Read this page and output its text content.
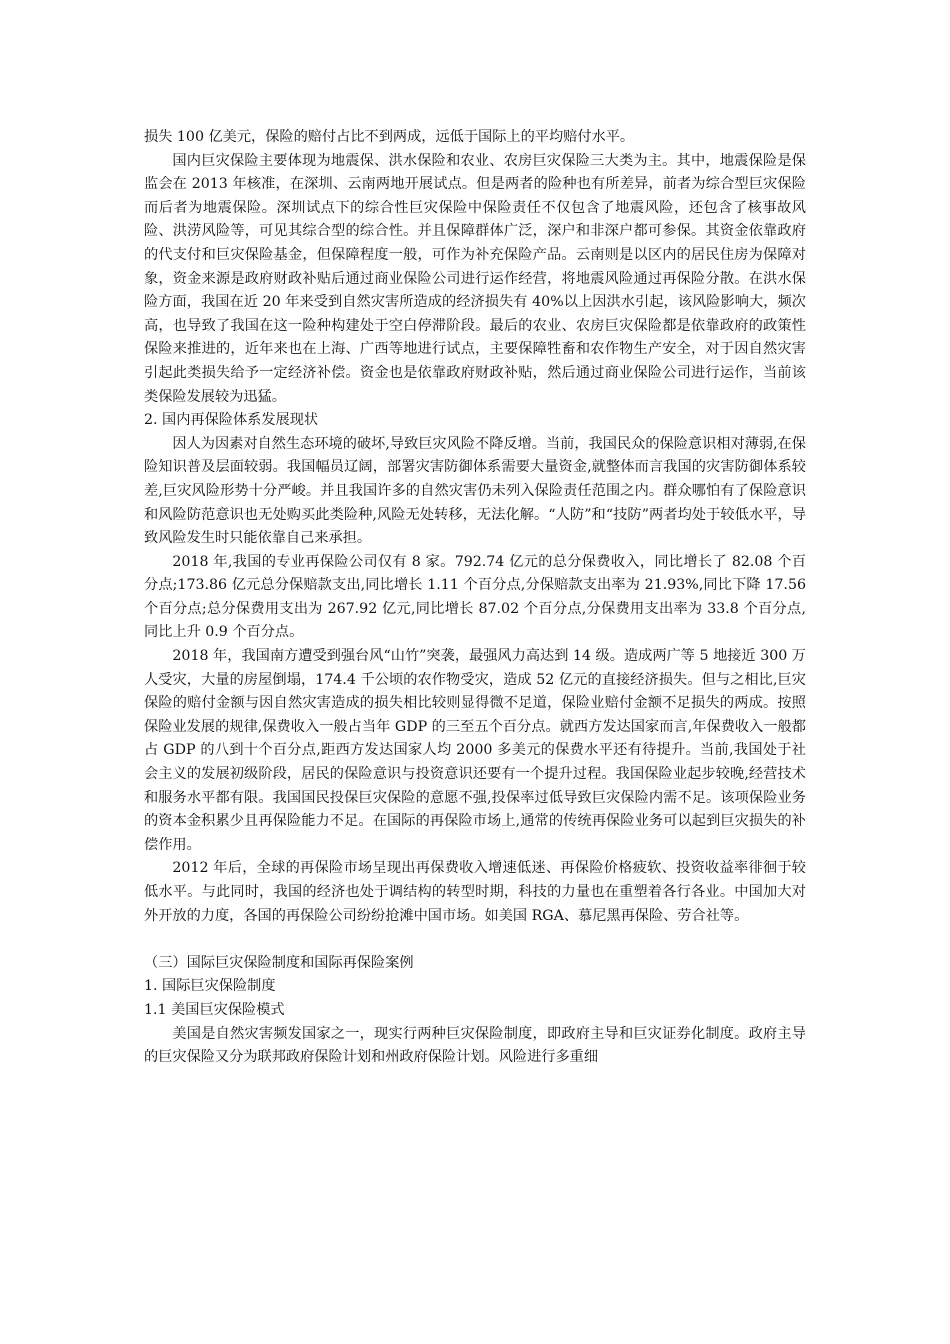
损失 100 亿美元，保险的赔付占比不到两成，远低于国际上的平均赔付水平。

国内巨灾保险主要体现为地震保、洪水保险和农业、农房巨灾保险三大类为主。其中，地震保险是保监会在 2013 年核准，在深圳、云南两地开展试点。但是两者的险种也有所差异，前者为综合型巨灾保险而后者为地震保险。深圳试点下的综合性巨灾保险中保险责任不仅包含了地震风险，还包含了核事故风险、洪涝风险等，可见其综合型的综合性。并且保障群体广泛，深户和非深户都可参保。其资金依靠政府的代支付和巨灾保险基金，但保障程度一般，可作为补充保险产品。云南则是以区内的居民住房为保障对象，资金来源是政府财政补贴后通过商业保险公司进行运作经营，将地震风险通过再保险分散。在洪水保险方面，我国在近 20 年来受到自然灾害所造成的经济损失有 40%以上因洪水引起，该风险影响大，频次高，也导致了我国在这一险种构建处于空白停滞阶段。最后的农业、农房巨灾保险都是依靠政府的政策性保险来推进的，近年来也在上海、广西等地进行试点，主要保障牲畜和农作物生产安全，对于因自然灾害引起此类损失给予一定经济补偿。资金也是依靠政府财政补贴，然后通过商业保险公司进行运作，当前该类保险发展较为迅猛。

2. 国内再保险体系发展现状

因人为因素对自然生态环境的破坏,导致巨灾风险不降反增。当前，我国民众的保险意识相对薄弱,在保险知识普及层面较弱。我国幅员辽阔，部署灾害防御体系需要大量资金,就整体而言我国的灾害防御体系较差,巨灾风险形势十分严峻。并且我国许多的自然灾害仍未列入保险责任范围之内。群众哪怕有了保险意识和风险防范意识也无处购买此类险种,风险无处转移，无法化解。“人防”和“技防”两者均处于较低水平，导致风险发生时只能依靠自己来承担。

2018 年,我国的专业再保险公司仅有 8 家。792.74 亿元的总分保费收入，同比增长了 82.08 个百分点;173.86 亿元总分保赔款支出,同比增长 1.11 个百分点,分保赔款支出率为 21.93%,同比下降 17.56 个百分点;总分保费用支出为 267.92 亿元,同比增长 87.02 个百分点,分保费用支出率为 33.8 个百分点,同比上升 0.9 个百分点。

2018 年，我国南方遭受到强台风“山竹”突袭，最强风力高达到 14 级。造成两广等 5 地接近 300 万人受灾，大量的房屋倒塌，174.4 千公顷的农作物受灾，造成 52 亿元的直接经济损失。但与之相比,巨灾保险的赔付金额与因自然灾害造成的损失相比较则显得微不足道，保险业赔付金额不足损失的两成。按照保险业发展的规律,保费收入一般占当年 GDP 的三至五个百分点。就西方发达国家而言,年保费收入一般都占 GDP 的八到十个百分点,距西方发达国家人均 2000 多美元的保费水平还有待提升。当前,我国处于社会主义的发展初级阶段，居民的保险意识与投资意识还要有一个提升过程。我国保险业起步较晚,经营技术和服务水平都有限。我国国民投保巨灾保险的意愿不强,投保率过低导致巨灾保险内需不足。该项保险业务的资本金积累少且再保险能力不足。在国际的再保险市场上,通常的传统再保险业务可以起到巨灾损失的补偿作用。

2012 年后，全球的再保险市场呈现出再保费收入增速低迷、再保险价格疲软、投资收益率徘徊于较低水平。与此同时，我国的经济也处于调结构的转型时期，科技的力量也在重塑着各行各业。中国加大对外开放的力度，各国的再保险公司纷纷抢滩中国市场。如美国 RGA、慕尼黑再保险、劳合社等。

（三）国际巨灾保险制度和国际再保险案例

1. 国际巨灾保险制度

1.1 美国巨灾保险模式

美国是自然灾害频发国家之一，现实行两种巨灾保险制度，即政府主导和巨灾证券化制度。政府主导的巨灾保险又分为联邦政府保险计划和州政府保险计划。风险进行多重细
